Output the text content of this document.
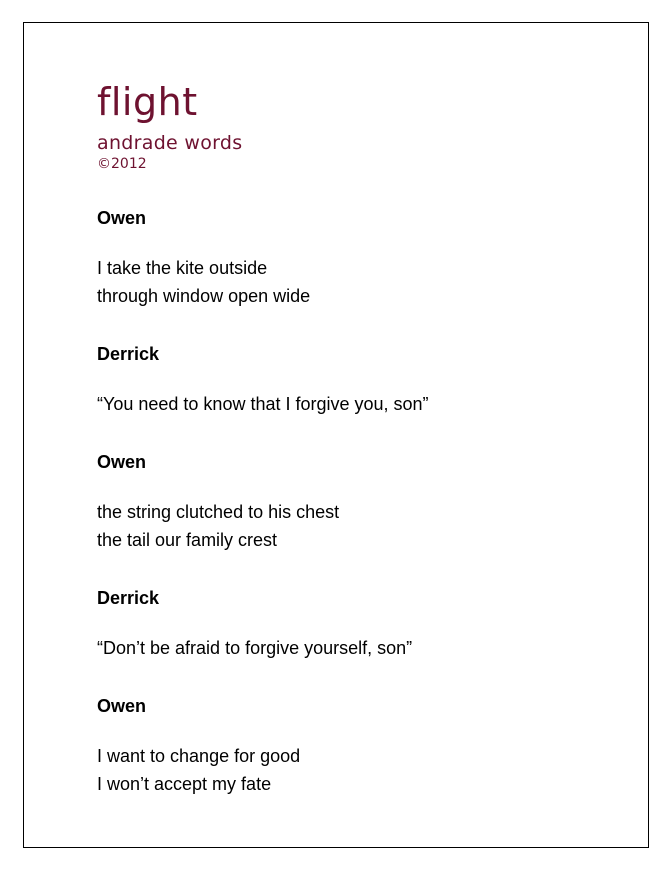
flight
andrade words
©2012
Owen
I take the kite outside
through window open wide
Derrick
“You need to know that I forgive you, son”
Owen
the string clutched to his chest
the tail our family crest
Derrick
“Don’t be afraid to forgive yourself, son”
Owen
I want to change for good
I won’t accept my fate
